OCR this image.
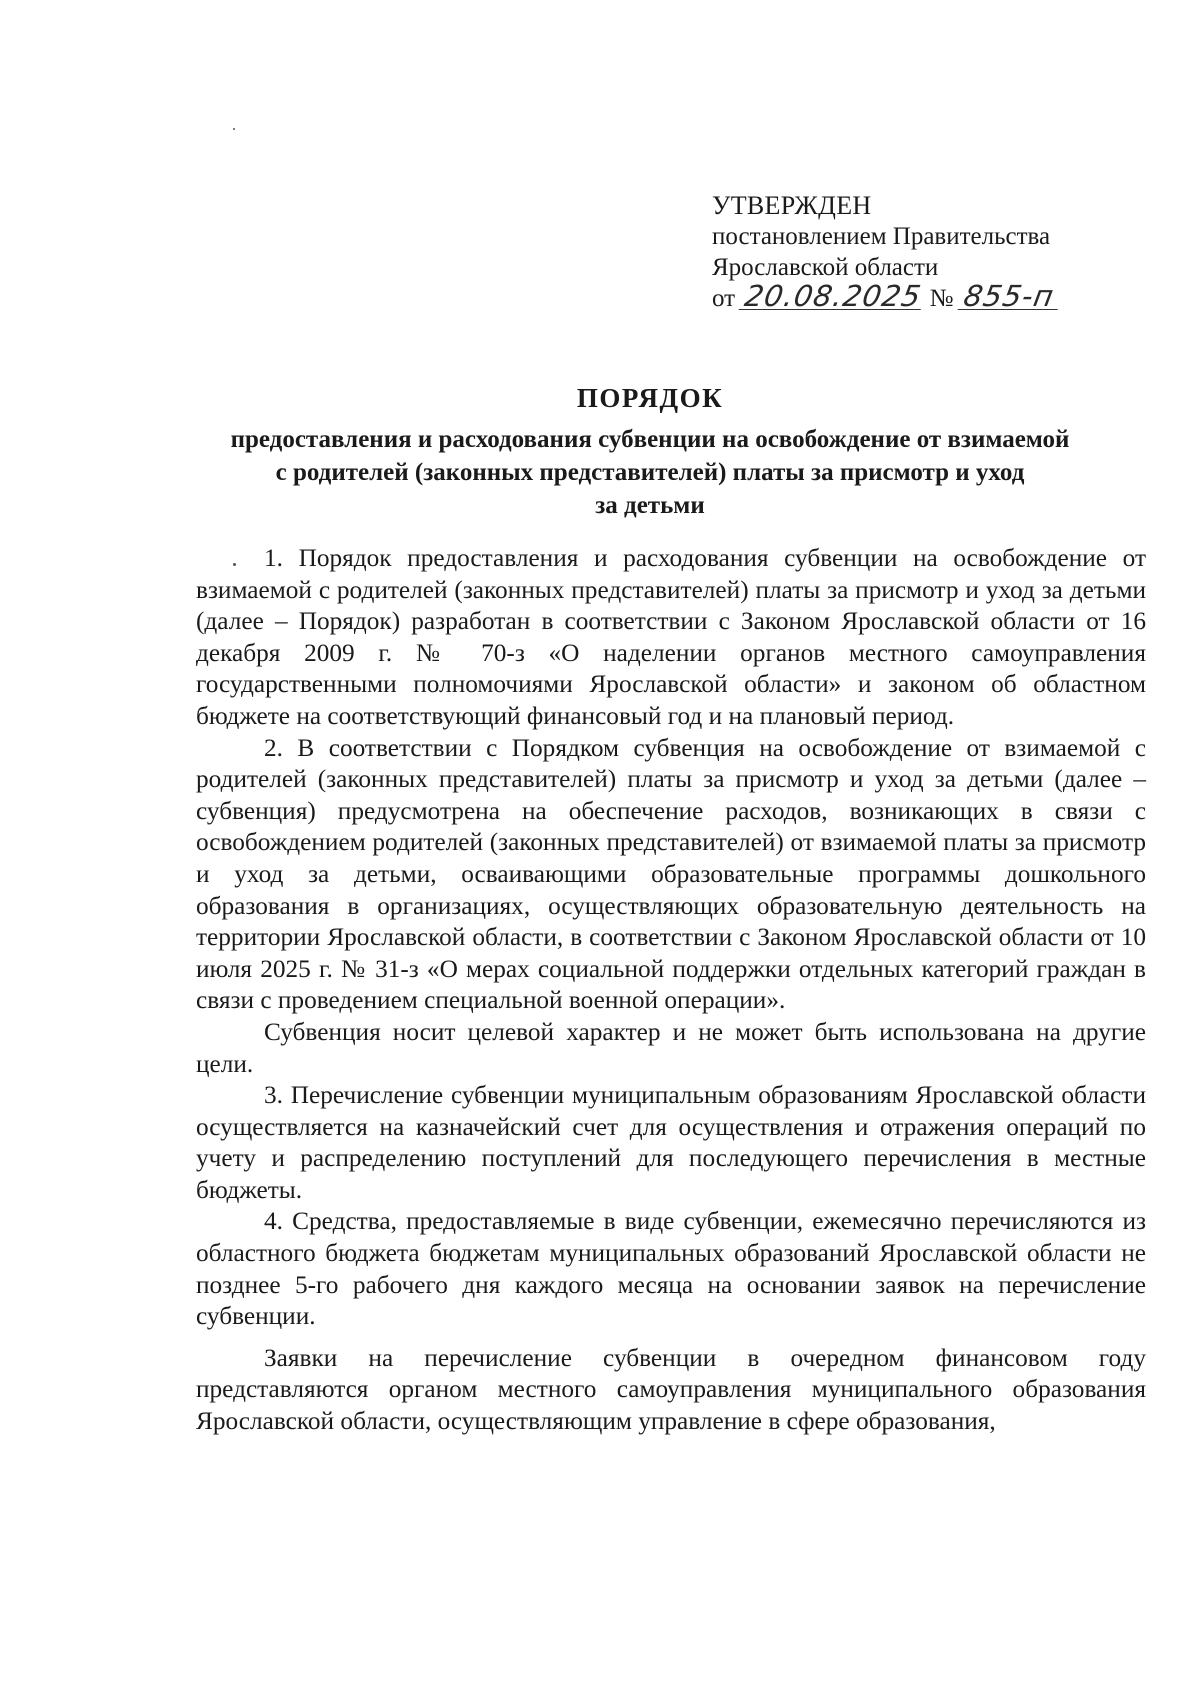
УТВЕРЖДЕН
постановлением Правительства
Ярославской области
от 20.08.2025 № 855-п
ПОРЯДОК
предоставления и расходования субвенции на освобождение от взимаемой
с родителей (законных представителей) платы за присмотр и уход
за детьми

1. Порядок предоставления и расходования субвенции на освобождение от взимаемой с родителей (законных представителей) платы за присмотр и уход за детьми (далее – Порядок) разработан в соответствии с Законом Ярославской области от 16 декабря 2009 г. № 70-з «О наделении органов местного самоуправления государственными полномочиями Ярославской области» и законом об областном бюджете на соответствующий финансовый год и на плановый период.

2. В соответствии с Порядком субвенция на освобождение от взимаемой с родителей (законных представителей) платы за присмотр и уход за детьми (далее – субвенция) предусмотрена на обеспечение расходов, возникающих в связи с освобождением родителей (законных представителей) от взимаемой платы за присмотр и уход за детьми, осваивающими образовательные программы дошкольного образования в организациях, осуществляющих образовательную деятельность на территории Ярославской области, в соответствии с Законом Ярославской области от 10 июля 2025 г. № 31-з «О мерах социальной поддержки отдельных категорий граждан в связи с проведением специальной военной операции».

Субвенция носит целевой характер и не может быть использована на другие цели.

3. Перечисление субвенции муниципальным образованиям Ярославской области осуществляется на казначейский счет для осуществления и отражения операций по учету и распределению поступлений для последующего перечисления в местные бюджеты.

4. Средства, предоставляемые в виде субвенции, ежемесячно перечисляются из областного бюджета бюджетам муниципальных образований Ярославской области не позднее 5-го рабочего дня каждого месяца на основании заявок на перечисление субвенции.

Заявки на перечисление субвенции в очередном финансовом году представляются органом местного самоуправления муниципального образования Ярославской области, осуществляющим управление в сфере образования,
